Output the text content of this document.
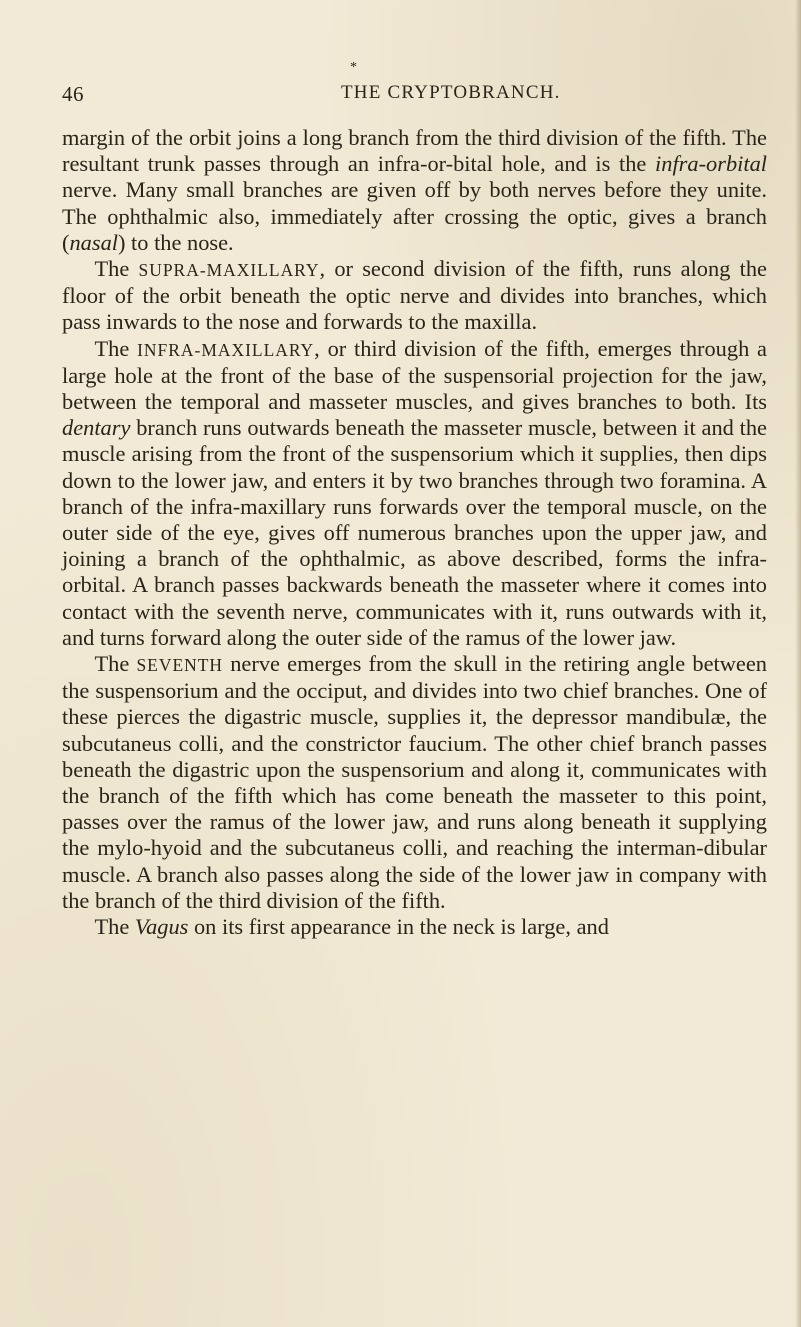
*
46	THE CRYPTOBRANCH.

margin of the orbit joins a long branch from the third division of the fifth. The resultant trunk passes through an infra-or-bital hole, and is the infra-orbital nerve. Many small branches are given off by both nerves before they unite. The ophthalmic also, immediately after crossing the optic, gives a branch (nasal) to the nose.

The SUPRA-MAXILLARY, or second division of the fifth, runs along the floor of the orbit beneath the optic nerve and divides into branches, which pass inwards to the nose and forwards to the maxilla.

The INFRA-MAXILLARY, or third division of the fifth, emerges through a large hole at the front of the base of the suspensorial projection for the jaw, between the temporal and masseter muscles, and gives branches to both. Its dentary branch runs outwards beneath the masseter muscle, between it and the muscle arising from the front of the suspensorium which it supplies, then dips down to the lower jaw, and enters it by two branches through two foramina. A branch of the infra-maxillary runs forwards over the temporal muscle, on the outer side of the eye, gives off numerous branches upon the upper jaw, and joining a branch of the ophthalmic, as above described, forms the infra-orbital. A branch passes backwards beneath the masseter where it comes into contact with the seventh nerve, communicates with it, runs outwards with it, and turns forward along the outer side of the ramus of the lower jaw.

The SEVENTH nerve emerges from the skull in the retiring angle between the suspensorium and the occiput, and divides into two chief branches. One of these pierces the digastric muscle, supplies it, the depressor mandibulæ, the subcutaneus colli, and the constrictor faucium. The other chief branch passes beneath the digastric upon the suspensorium and along it, communicates with the branch of the fifth which has come beneath the masseter to this point, passes over the ramus of the lower jaw, and runs along beneath it supplying the mylo-hyoid and the subcutaneus colli, and reaching the interman-dibular muscle. A branch also passes along the side of the lower jaw in company with the branch of the third division of the fifth.

The Vagus on its first appearance in the neck is large, and
